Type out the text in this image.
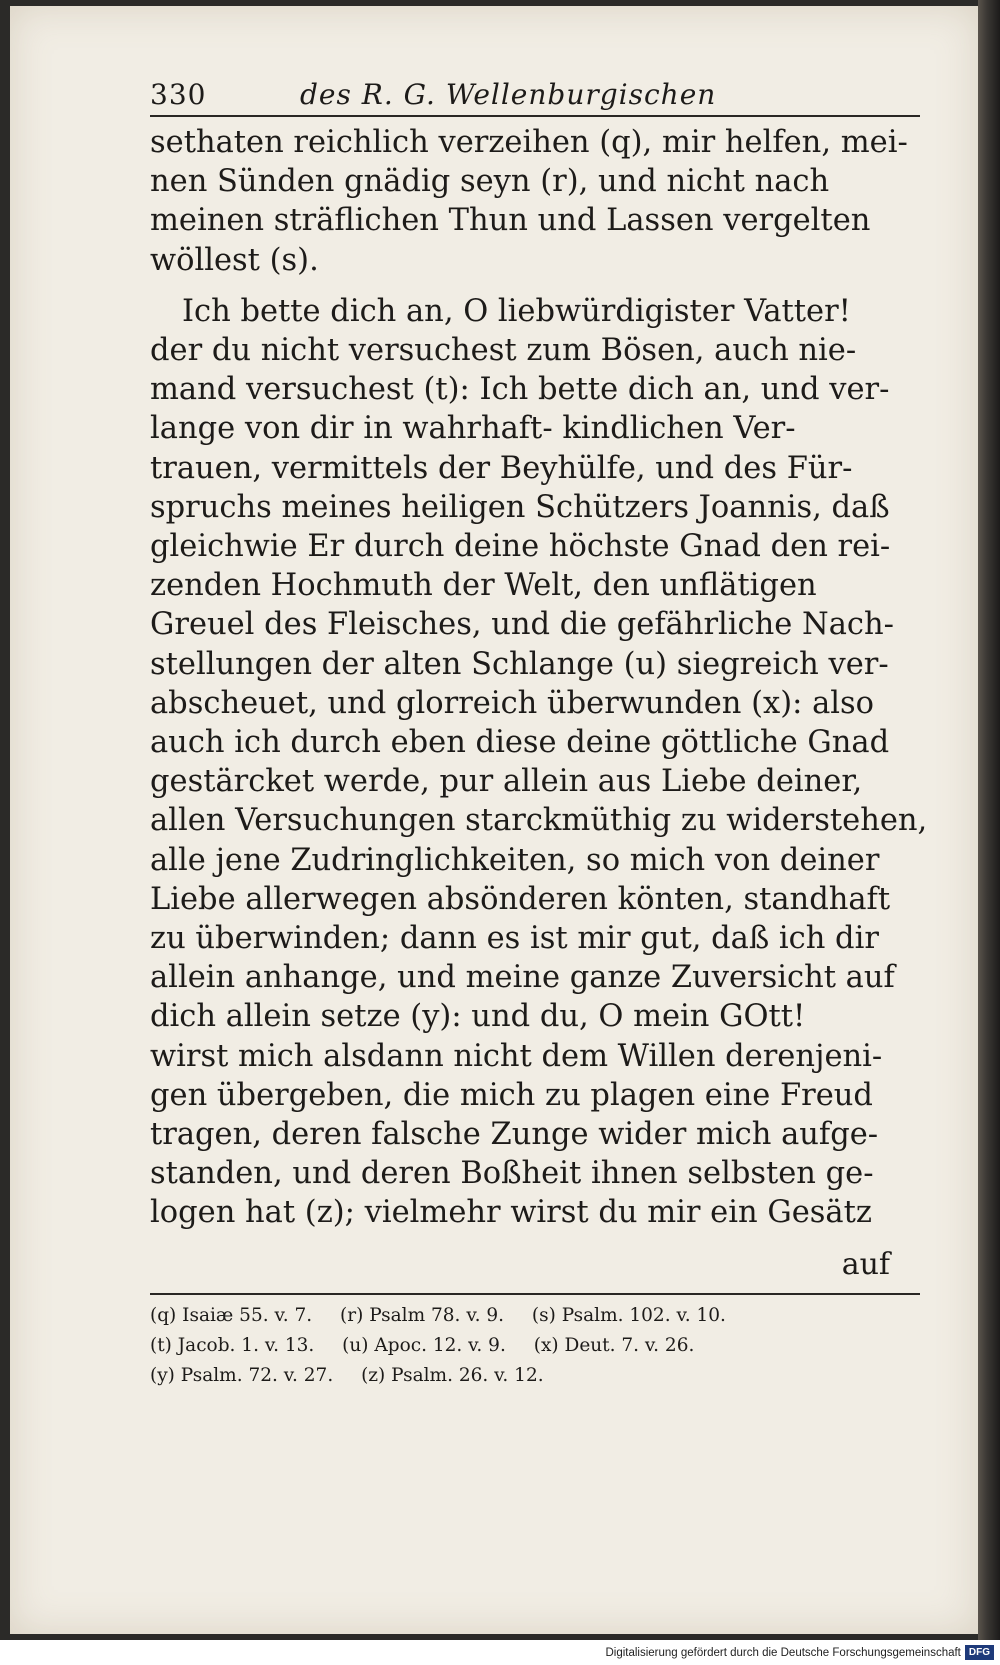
330	des R. G. Wellenburgischen
sethaten reichlich verzeihen (q), mir helfen, mei-
nen Sünden gnädig seyn (r), und nicht nach
meinen sträflichen Thun und Lassen vergelten
wöllest (s).
Ich bette dich an, O liebwürdigister Vatter!
der du nicht versuchest zum Bösen, auch nie-
mand versuchest (t): Ich bette dich an, und ver-
lange von dir in wahrhaft- kindlichen Ver-
trauen, vermittels der Beyhülfe, und des Für-
spruchs meines heiligen Schützers Joannis, daß
gleichwie Er durch deine höchste Gnad den rei-
zenden Hochmuth der Welt, den unflätigen
Greuel des Fleisches, und die gefährliche Nach-
stellungen der alten Schlange (u) siegreich ver-
abscheuet, und glorreich überwunden (x): also
auch ich durch eben diese deine göttliche Gnad
gestärcket werde, pur allein aus Liebe deiner,
allen Versuchungen starckmüthig zu widerstehen,
alle jene Zudringlichkeiten, so mich von deiner
Liebe allerwegen absönderen könten, standhaft
zu überwinden; dann es ist mir gut, daß ich dir
allein anhange, und meine ganze Zuversicht auf
dich allein setze (y): und du, O mein GOtt!
wirst mich alsdann nicht dem Willen derenjeni-
gen übergeben, die mich zu plagen eine Freud
tragen, deren falsche Zunge wider mich aufge-
standen, und deren Boßheit ihnen selbsten ge-
logen hat (z); vielmehr wirst du mir ein Gesätz
auf
(q) Isaiæ 55. v. 7. (r) Psalm 78. v. 9. (s) Psalm. 102. v. 10.
(t) Jacob. 1. v. 13. (u) Apoc. 12. v. 9. (x) Deut. 7. v. 26.
(y) Psalm. 72. v. 27. (z) Psalm. 26. v. 12.
Digitalisierung gefördert durch die Deutsche Forschungsgemeinschaft DFG
